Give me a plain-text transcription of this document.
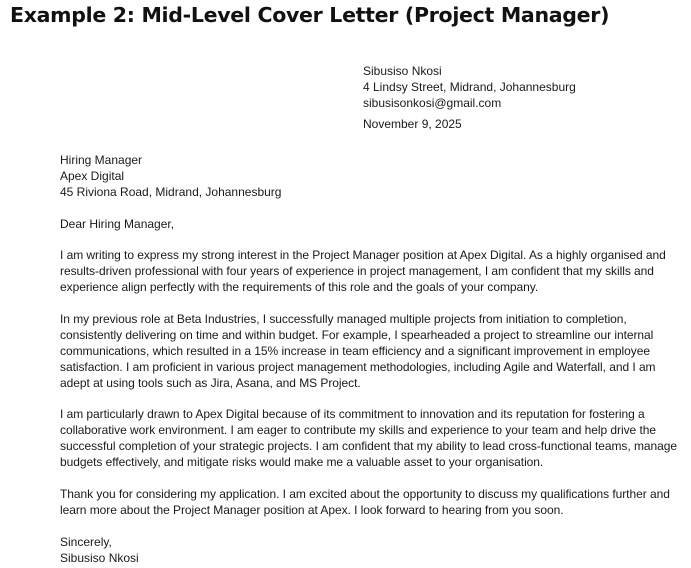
Example 2: Mid-Level Cover Letter (Project Manager)
Sibusiso Nkosi
4 Lindsy Street, Midrand, Johannesburg
sibusisonkosi@gmail.com
November 9, 2025
Hiring Manager
Apex Digital
45 Riviona Road, Midrand, Johannesburg
Dear Hiring Manager,

I am writing to express my strong interest in the Project Manager position at Apex Digital. As a highly organised and results-driven professional with four years of experience in project management, I am confident that my skills and experience align perfectly with the requirements of this role and the goals of your company.

In my previous role at Beta Industries, I successfully managed multiple projects from initiation to completion, consistently delivering on time and within budget. For example, I spearheaded a project to streamline our internal communications, which resulted in a 15% increase in team efficiency and a significant improvement in employee satisfaction. I am proficient in various project management methodologies, including Agile and Waterfall, and I am adept at using tools such as Jira, Asana, and MS Project.

I am particularly drawn to Apex Digital because of its commitment to innovation and its reputation for fostering a collaborative work environment. I am eager to contribute my skills and experience to your team and help drive the successful completion of your strategic projects. I am confident that my ability to lead cross-functional teams, manage budgets effectively, and mitigate risks would make me a valuable asset to your organisation.

Thank you for considering my application. I am excited about the opportunity to discuss my qualifications further and learn more about the Project Manager position at Apex. I look forward to hearing from you soon.

Sincerely,
Sibusiso Nkosi
